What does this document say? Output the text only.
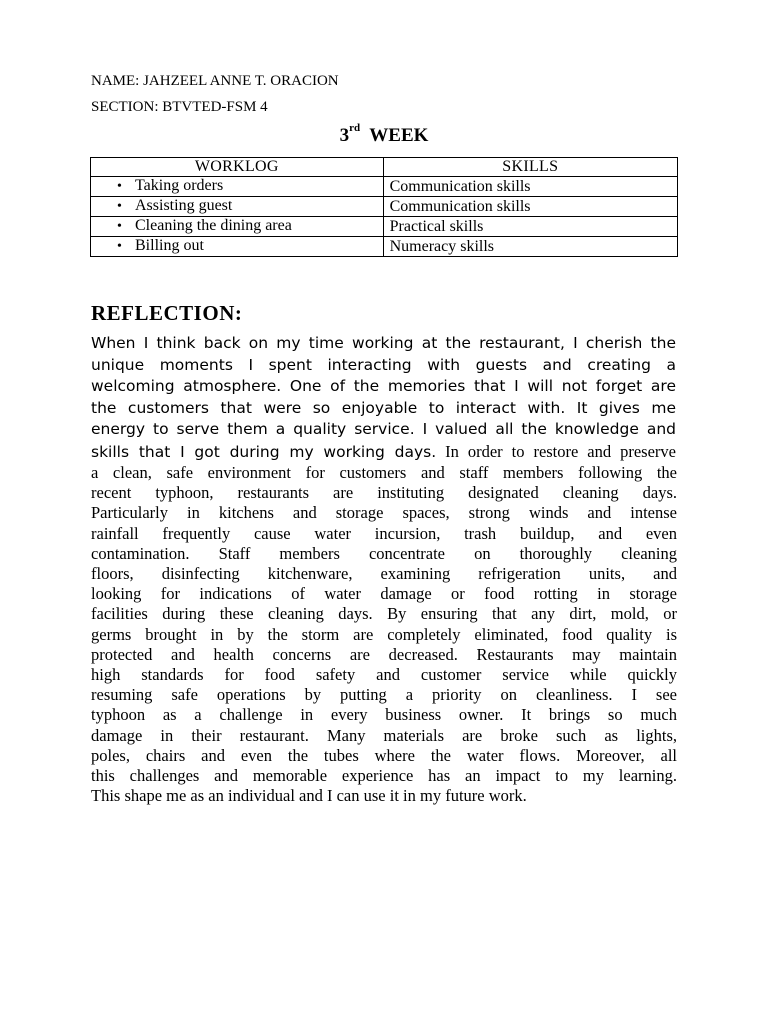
NAME: JAHZEEL ANNE T. ORACION
SECTION: BTVTED-FSM 4
3rd WEEK
WORKLOG	SKILLS
• Taking orders	Communication skills
• Assisting guest	Communication skills
• Cleaning the dining area	Practical skills
• Billing out	Numeracy skills
REFLECTION:
When I think back on my time working at the restaurant, I cherish the
unique moments I spent interacting with guests and creating a
welcoming atmosphere. One of the memories that I will not forget are
the customers that were so enjoyable to interact with. It gives me
energy to serve them a quality service. I valued all the knowledge and
skills that I got during my working days. In order to restore and preserve
a clean, safe environment for customers and staff members following the
recent typhoon, restaurants are instituting designated cleaning days.
Particularly in kitchens and storage spaces, strong winds and intense
rainfall frequently cause water incursion, trash buildup, and even
contamination. Staff members concentrate on thoroughly cleaning
floors, disinfecting kitchenware, examining refrigeration units, and
looking for indications of water damage or food rotting in storage
facilities during these cleaning days. By ensuring that any dirt, mold, or
germs brought in by the storm are completely eliminated, food quality is
protected and health concerns are decreased. Restaurants may maintain
high standards for food safety and customer service while quickly
resuming safe operations by putting a priority on cleanliness. I see
typhoon as a challenge in every business owner. It brings so much
damage in their restaurant. Many materials are broke such as lights,
poles, chairs and even the tubes where the water flows. Moreover, all
this challenges and memorable experience has an impact to my learning.
This shape me as an individual and I can use it in my future work.
